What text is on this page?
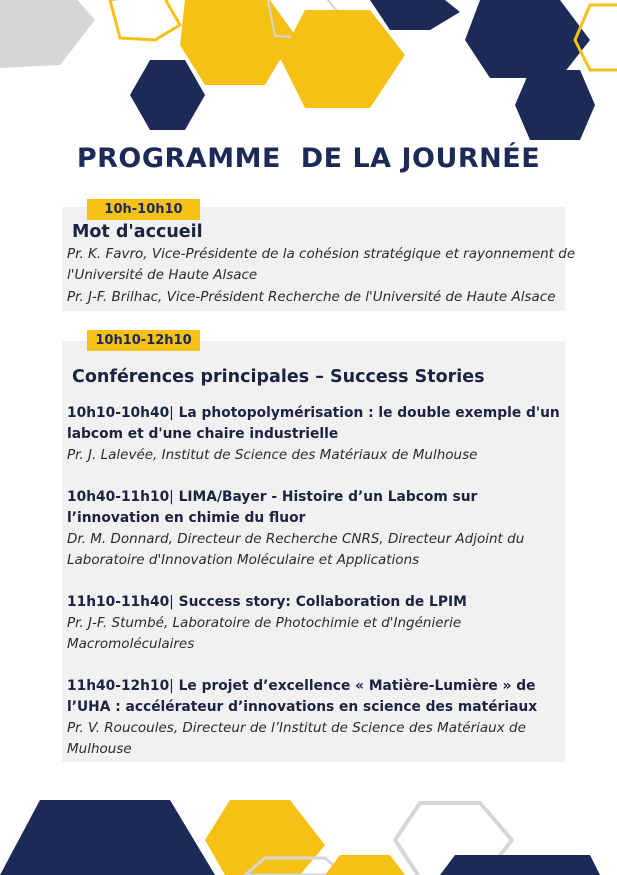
PROGRAMME  DE LA JOURNÉE
10h-10h10
Mot d'accueil
Pr. K. Favro, Vice-Présidente de la cohésion stratégique et rayonnement de
l'Université de Haute Alsace
Pr. J-F. Brilhac, Vice-Président Recherche de l'Université de Haute Alsace
10h10-12h10
Conférences principales – Success Stories
10h10-10h40| La photopolymérisation : le double exemple d'un
labcom et d'une chaire industrielle
Pr. J. Lalevée, Institut de Science des Matériaux de Mulhouse
10h40-11h10| LIMA/Bayer - Histoire d’un Labcom sur
l’innovation en chimie du fluor
Dr. M. Donnard, Directeur de Recherche CNRS, Directeur Adjoint du
Laboratoire d'Innovation Moléculaire et Applications
11h10-11h40| Success story: Collaboration de LPIM
Pr. J-F. Stumbé, Laboratoire de Photochimie et d'Ingénierie
Macromoléculaires
11h40-12h10| Le projet d’excellence « Matière-Lumière » de
l’UHA : accélérateur d’innovations en science des matériaux
Pr. V. Roucoules, Directeur de l’Institut de Science des Matériaux de
Mulhouse
